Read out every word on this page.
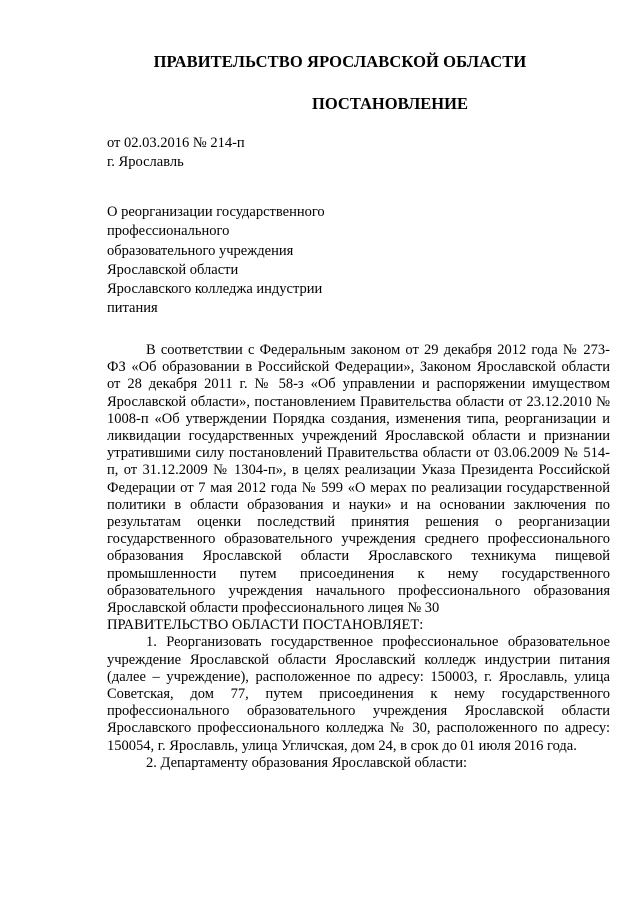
ПРАВИТЕЛЬСТВО ЯРОСЛАВСКОЙ ОБЛАСТИ
ПОСТАНОВЛЕНИЕ
от 02.03.2016 № 214-п
г. Ярославль
О реорганизации государственного
профессионального
образовательного учреждения
Ярославской области
Ярославского колледжа индустрии
питания

В соответствии с Федеральным законом от 29 декабря 2012 года № 273-ФЗ «Об образовании в Российской Федерации», Законом Ярославской области от 28 декабря 2011 г. № 58-з «Об управлении и распоряжении имуществом Ярославской области», постановлением Правительства области от 23.12.2010 № 1008-п «Об утверждении Порядка создания, изменения типа, реорганизации и ликвидации государственных учреждений Ярославской области и признании утратившими силу постановлений Правительства области от 03.06.2009 № 514-п, от 31.12.2009 № 1304-п», в целях реализации Указа Президента Российской Федерации от 7 мая 2012 года № 599 «О мерах по реализации государственной политики в области образования и науки» и на основании заключения по результатам оценки последствий принятия решения о реорганизации государственного образовательного учреждения среднего профессионального образования Ярославской области Ярославского техникума пищевой промышленности путем присоединения к нему государственного образовательного учреждения начального профессионального образования Ярославской области профессионального лицея № 30

ПРАВИТЕЛЬСТВО ОБЛАСТИ ПОСТАНОВЛЯЕТ:

1. Реорганизовать государственное профессиональное образовательное учреждение Ярославской области Ярославский колледж индустрии питания (далее – учреждение), расположенное по адресу: 150003, г. Ярославль, улица Советская, дом 77, путем присоединения к нему государственного профессионального образовательного учреждения Ярославской области Ярославского профессионального колледжа № 30, расположенного по адресу: 150054, г. Ярославль, улица Угличская, дом 24, в срок до 01 июля 2016 года.

2. Департаменту образования Ярославской области:
